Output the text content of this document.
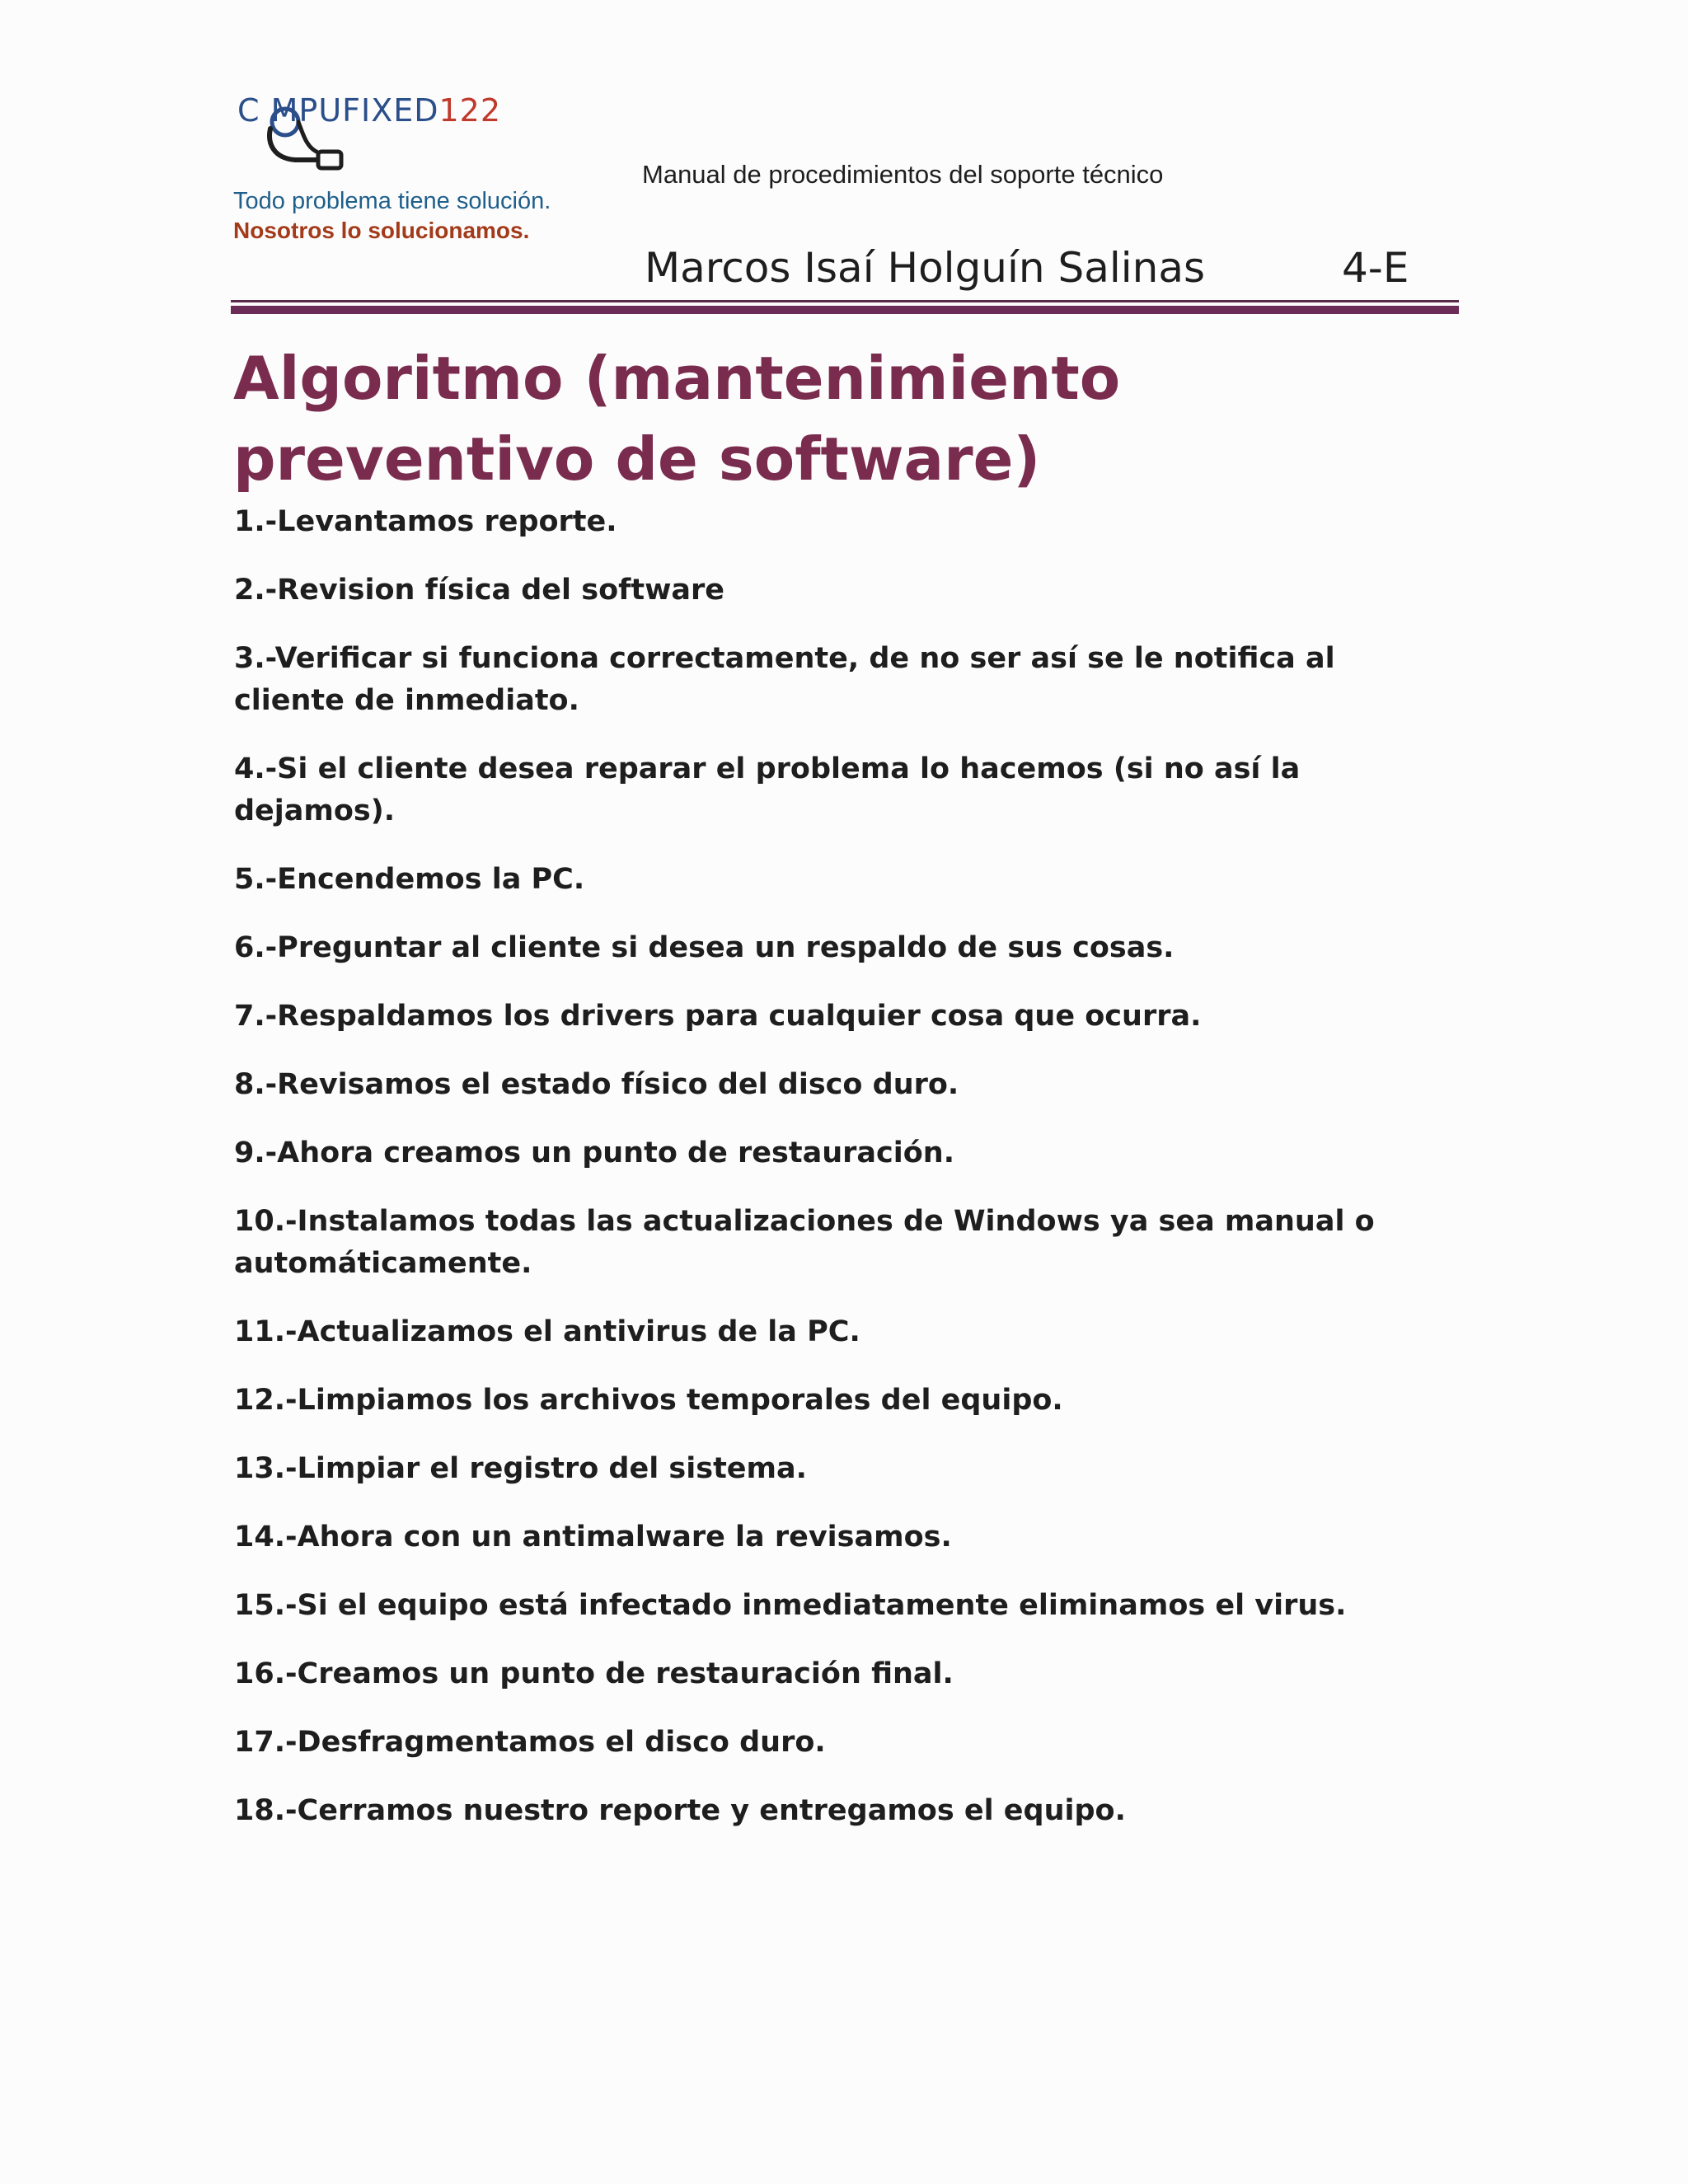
C MPUFIXED122
Todo problema tiene solución.
Nosotros lo solucionamos.
Manual de procedimientos del soporte técnico
Marcos Isaí Holguín Salinas	4-E
Algoritmo (mantenimiento preventivo de software)
1.-Levantamos reporte.
2.-Revision física del software
3.-Verificar si funciona correctamente, de no ser así se le notifica al cliente de inmediato.
4.-Si el cliente desea reparar el problema lo hacemos (si no así la dejamos).
5.-Encendemos la PC.
6.-Preguntar al cliente si desea un respaldo de sus cosas.
7.-Respaldamos los drivers para cualquier cosa que ocurra.
8.-Revisamos el estado físico del disco duro.
9.-Ahora creamos un punto de restauración.
10.-Instalamos todas las actualizaciones de Windows ya sea manual o automáticamente.
11.-Actualizamos el antivirus de la PC.
12.-Limpiamos los archivos temporales del equipo.
13.-Limpiar el registro del sistema.
14.-Ahora con un antimalware la revisamos.
15.-Si el equipo está infectado inmediatamente eliminamos el virus.
16.-Creamos un punto de restauración final.
17.-Desfragmentamos el disco duro.
18.-Cerramos nuestro reporte y entregamos el equipo.
